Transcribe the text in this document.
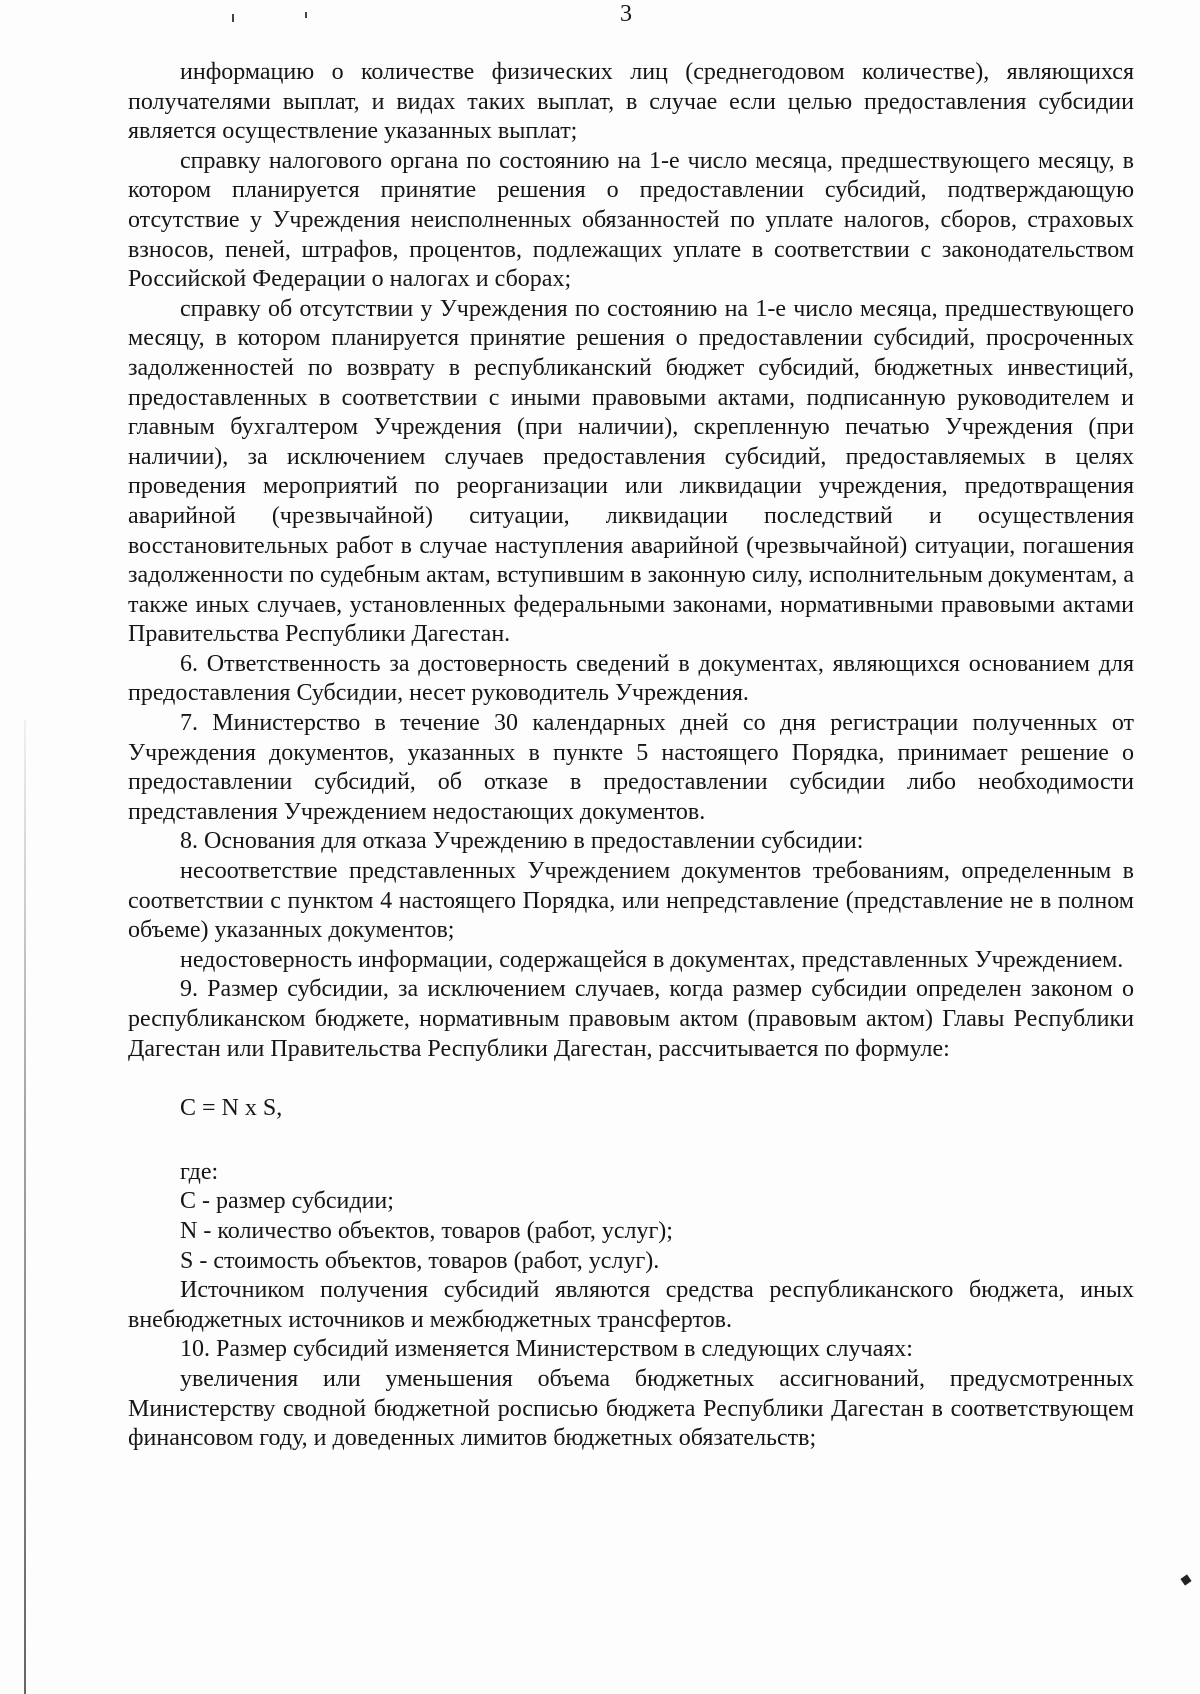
3

информацию о количестве физических лиц (среднегодовом количестве), являющихся получателями выплат, и видах таких выплат, в случае если целью предоставления субсидии является осуществление указанных выплат;

справку налогового органа по состоянию на 1-е число месяца, предшествующего месяцу, в котором планируется принятие решения о предоставлении субсидий, подтверждающую отсутствие у Учреждения неисполненных обязанностей по уплате налогов, сборов, страховых взносов, пеней, штрафов, процентов, подлежащих уплате в соответствии с законодательством Российской Федерации о налогах и сборах;

справку об отсутствии у Учреждения по состоянию на 1-е число месяца, предшествующего месяцу, в котором планируется принятие решения о предоставлении субсидий, просроченных задолженностей по возврату в республиканский бюджет субсидий, бюджетных инвестиций, предоставленных в соответствии с иными правовыми актами, подписанную руководителем и главным бухгалтером Учреждения (при наличии), скрепленную печатью Учреждения (при наличии), за исключением случаев предоставления субсидий, предоставляемых в целях проведения мероприятий по реорганизации или ликвидации учреждения, предотвращения аварийной (чрезвычайной) ситуации, ликвидации последствий и осуществления восстановительных работ в случае наступления аварийной (чрезвычайной) ситуации, погашения задолженности по судебным актам, вступившим в законную силу, исполнительным документам, а также иных случаев, установленных федеральными законами, нормативными правовыми актами Правительства Республики Дагестан.

6. Ответственность за достоверность сведений в документах, являющихся основанием для предоставления Субсидии, несет руководитель Учреждения.

7. Министерство в течение 30 календарных дней со дня регистрации полученных от Учреждения документов, указанных в пункте 5 настоящего Порядка, принимает решение о предоставлении субсидий, об отказе в предоставлении субсидии либо необходимости представления Учреждением недостающих документов.

8. Основания для отказа Учреждению в предоставлении субсидии:

несоответствие представленных Учреждением документов требованиям, определенным в соответствии с пунктом 4 настоящего Порядка, или непредставление (представление не в полном объеме) указанных документов;

недостоверность информации, содержащейся в документах, представленных Учреждением.

9. Размер субсидии, за исключением случаев, когда размер субсидии определен законом о республиканском бюджете, нормативным правовым актом (правовым актом) Главы Республики Дагестан или Правительства Республики Дагестан, рассчитывается по формуле:

С = N x S,

где:

С - размер субсидии;

N - количество объектов, товаров (работ, услуг);

S - стоимость объектов, товаров (работ, услуг).

Источником получения субсидий являются средства республиканского бюджета, иных внебюджетных источников и межбюджетных трансфертов.

10. Размер субсидий изменяется Министерством в следующих случаях:

увеличения или уменьшения объема бюджетных ассигнований, предусмотренных Министерству сводной бюджетной росписью бюджета Республики Дагестан в соответствующем финансовом году, и доведенных лимитов бюджетных обязательств;
